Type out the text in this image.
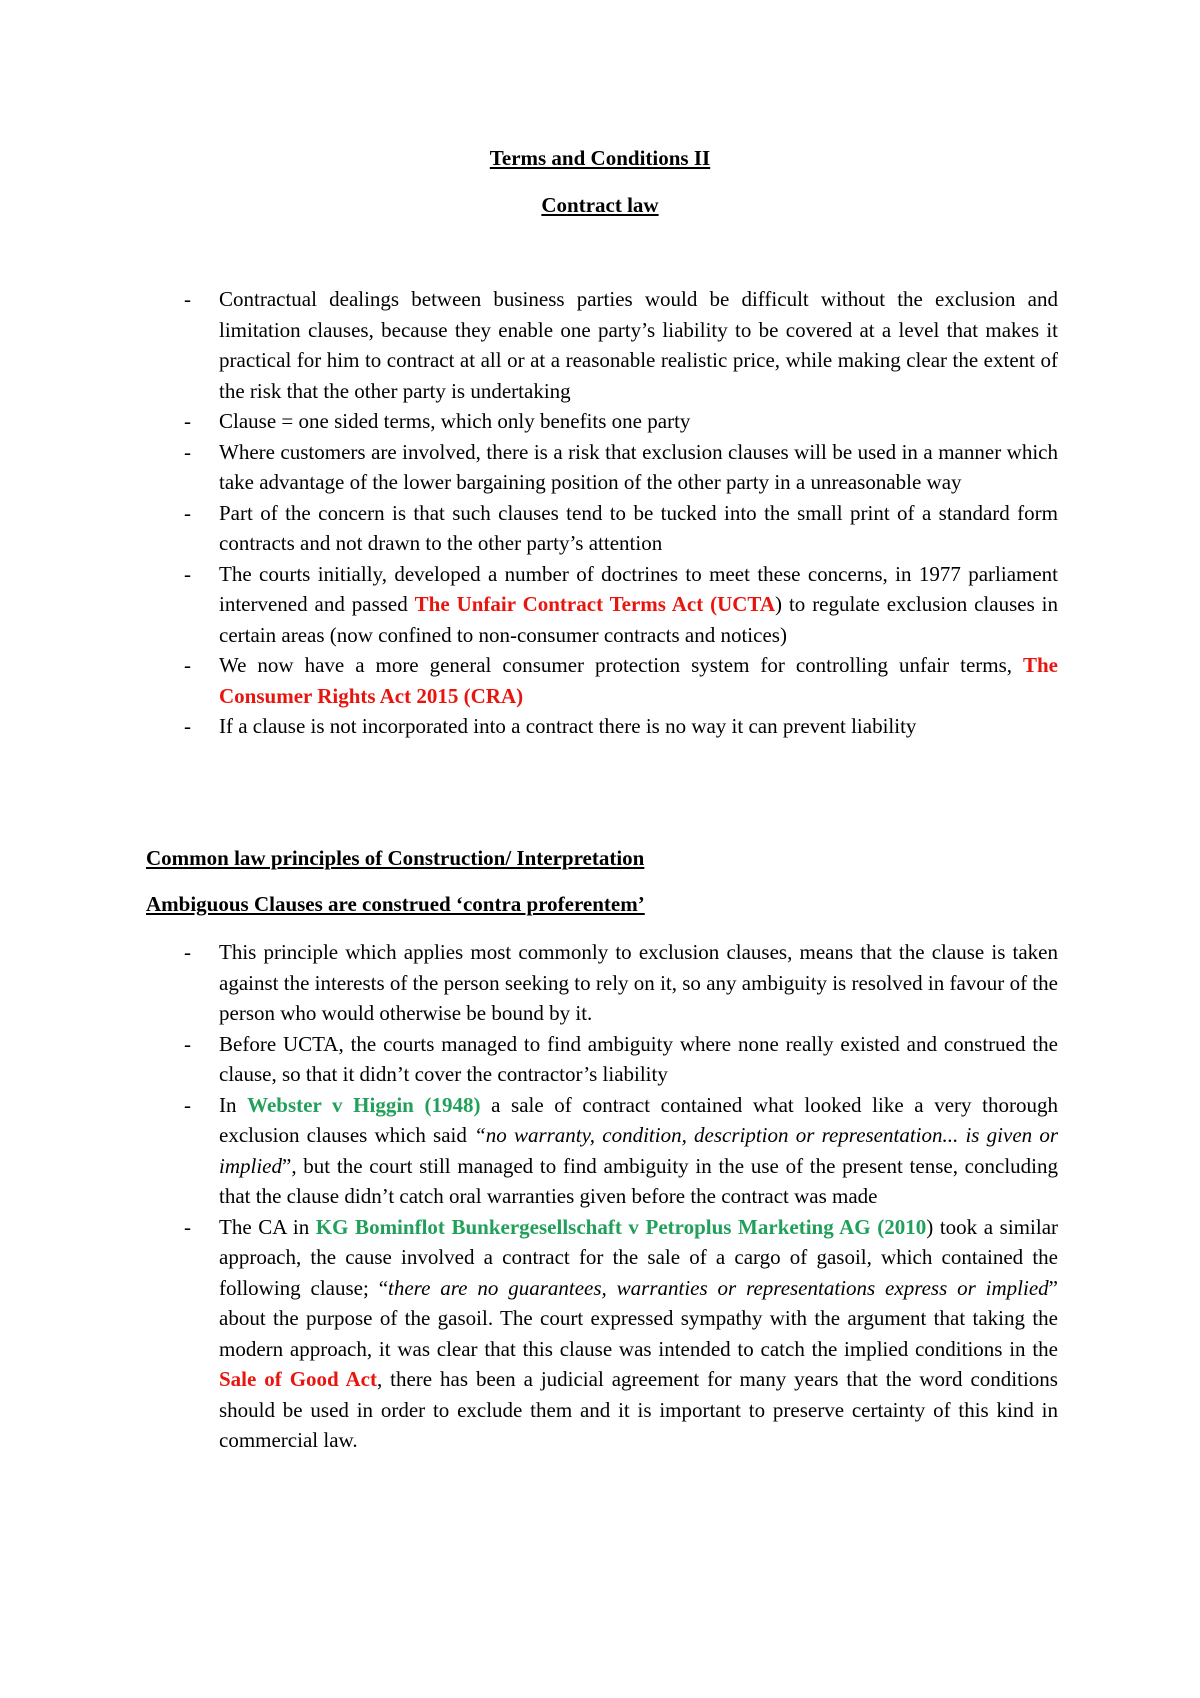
Terms and Conditions II
Contract law
- Contractual dealings between business parties would be difficult without the exclusion and limitation clauses, because they enable one party’s liability to be covered at a level that makes it practical for him to contract at all or at a reasonable realistic price, while making clear the extent of the risk that the other party is undertaking
- Clause = one sided terms, which only benefits one party
- Where customers are involved, there is a risk that exclusion clauses will be used in a manner which take advantage of the lower bargaining position of the other party in a unreasonable way
- Part of the concern is that such clauses tend to be tucked into the small print of a standard form contracts and not drawn to the other party’s attention
- The courts initially, developed a number of doctrines to meet these concerns, in 1977 parliament intervened and passed The Unfair Contract Terms Act (UCTA) to regulate exclusion clauses in certain areas (now confined to non-consumer contracts and notices)
- We now have a more general consumer protection system for controlling unfair terms, The Consumer Rights Act 2015 (CRA)
- If a clause is not incorporated into a contract there is no way it can prevent liability
Common law principles of Construction/ Interpretation
Ambiguous Clauses are construed ‘contra proferentem’
- This principle which applies most commonly to exclusion clauses, means that the clause is taken against the interests of the person seeking to rely on it, so any ambiguity is resolved in favour of the person who would otherwise be bound by it.
- Before UCTA, the courts managed to find ambiguity where none really existed and construed the clause, so that it didn’t cover the contractor’s liability
- In Webster v Higgin (1948) a sale of contract contained what looked like a very thorough exclusion clauses which said “no warranty, condition, description or representation... is given or implied”, but the court still managed to find ambiguity in the use of the present tense, concluding that the clause didn’t catch oral warranties given before the contract was made
- The CA in KG Bominflot Bunkergesellschaft v Petroplus Marketing AG (2010) took a similar approach, the cause involved a contract for the sale of a cargo of gasoil, which contained the following clause; “there are no guarantees, warranties or representations express or implied” about the purpose of the gasoil. The court expressed sympathy with the argument that taking the modern approach, it was clear that this clause was intended to catch the implied conditions in the Sale of Good Act, there has been a judicial agreement for many years that the word conditions should be used in order to exclude them and it is important to preserve certainty of this kind in commercial law.
